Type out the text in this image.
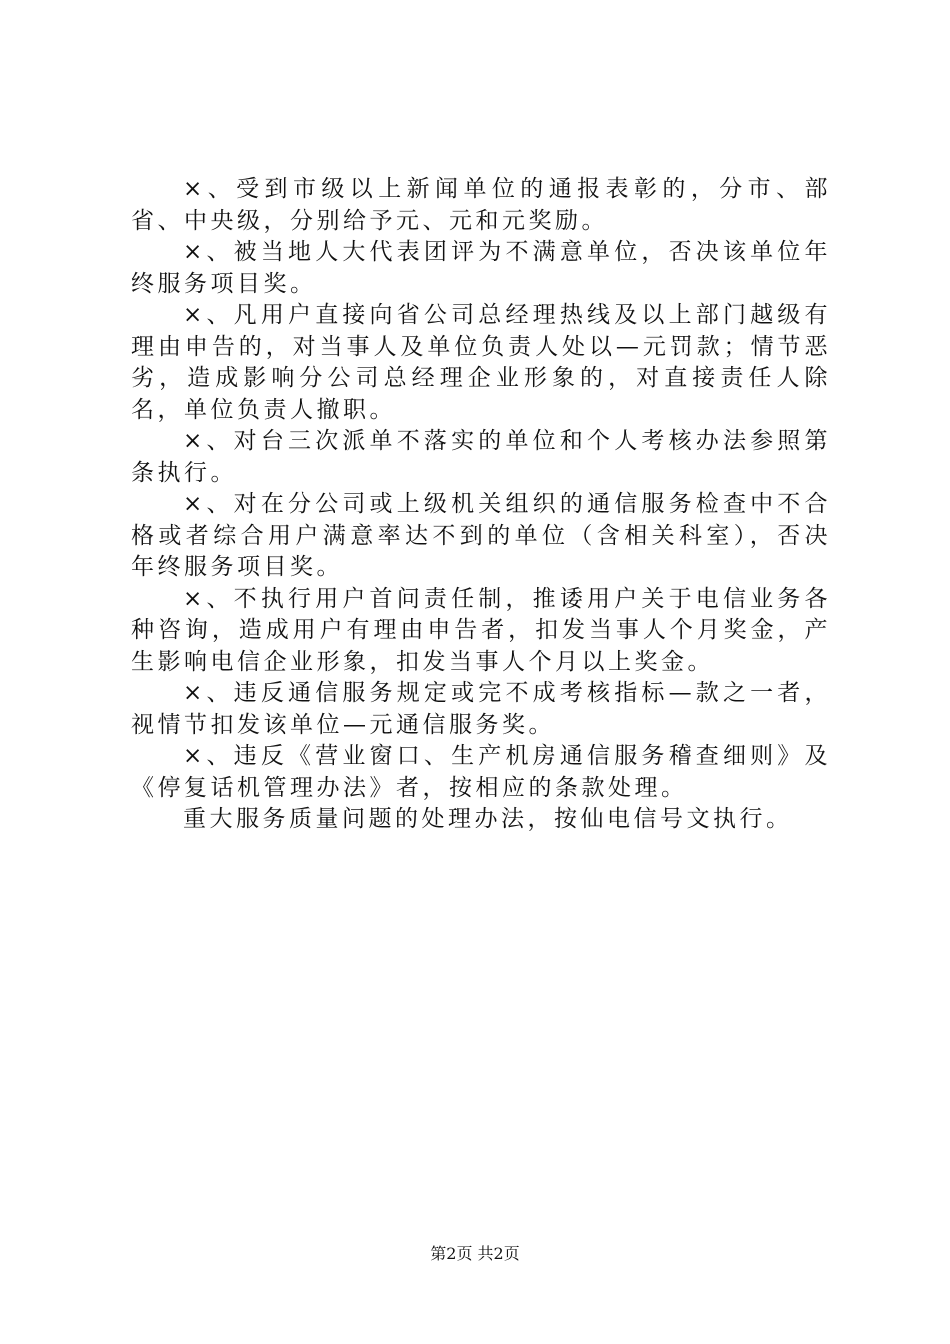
×、受到市级以上新闻单位的通报表彰的，分市、部省、中央级，分别给予元、元和元奖励。

×、被当地人大代表团评为不满意单位，否决该单位年终服务项目奖。

×、凡用户直接向省公司总经理热线及以上部门越级有理由申告的，对当事人及单位负责人处以—元罚款；情节恶劣，造成影响分公司总经理企业形象的，对直接责任人除名，单位负责人撤职。

×、对台三次派单不落实的单位和个人考核办法参照第条执行。

×、对在分公司或上级机关组织的通信服务检查中不合格或者综合用户满意率达不到的单位（含相关科室），否决年终服务项目奖。

×、不执行用户首问责任制，推诿用户关于电信业务各种咨询，造成用户有理由申告者，扣发当事人个月奖金，产生影响电信企业形象，扣发当事人个月以上奖金。

×、违反通信服务规定或完不成考核指标—款之一者，视情节扣发该单位—元通信服务奖。

×、违反《营业窗口、生产机房通信服务稽查细则》及《停复话机管理办法》者，按相应的条款处理。

重大服务质量问题的处理办法，按仙电信号文执行。

第2页 共2页
